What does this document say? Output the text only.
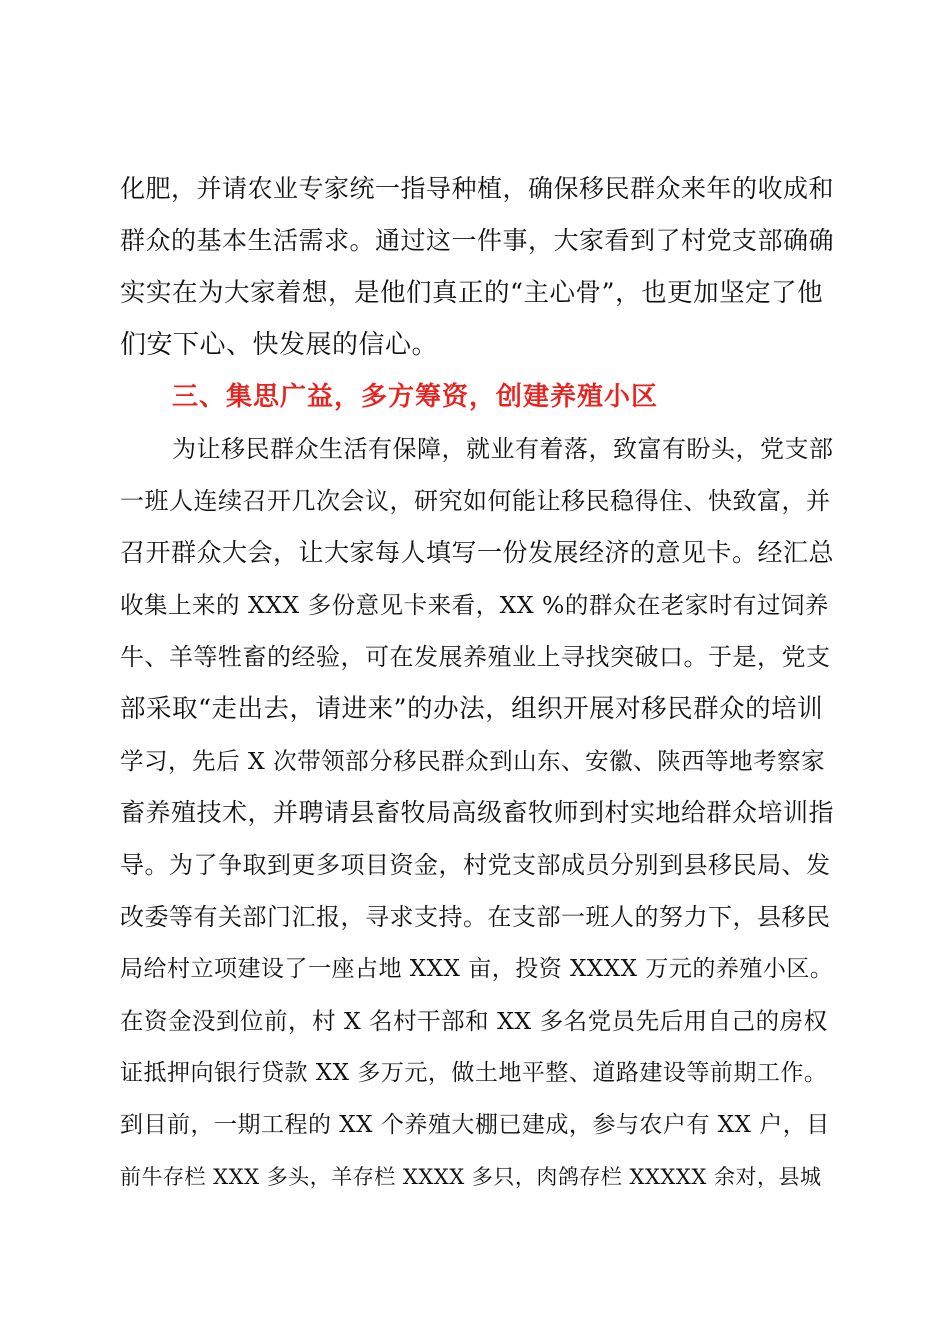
化肥，并请农业专家统一指导种植，确保移民群众来年的收成和
群众的基本生活需求。通过这一件事，大家看到了村党支部确确
实实在为大家着想，是他们真正的“主心骨”，也更加坚定了他
们安下心、快发展的信心。
三、集思广益，多方筹资，创建养殖小区
为让移民群众生活有保障，就业有着落，致富有盼头，党支部
一班人连续召开几次会议，研究如何能让移民稳得住、快致富，并
召开群众大会，让大家每人填写一份发展经济的意见卡。经汇总
收集上来的 XXX 多份意见卡来看，XX %的群众在老家时有过饲养
牛、羊等牲畜的经验，可在发展养殖业上寻找突破口。于是，党支
部采取“走出去，请进来”的办法，组织开展对移民群众的培训
学习，先后 X 次带领部分移民群众到山东、安徽、陕西等地考察家
畜养殖技术，并聘请县畜牧局高级畜牧师到村实地给群众培训指
导。为了争取到更多项目资金，村党支部成员分别到县移民局、发
改委等有关部门汇报，寻求支持。在支部一班人的努力下，县移民
局给村立项建设了一座占地 XXX 亩，投资 XXXX 万元的养殖小区。
在资金没到位前，村 X 名村干部和 XX 多名党员先后用自己的房权
证抵押向银行贷款 XX 多万元，做土地平整、道路建设等前期工作。
到目前，一期工程的 XX 个养殖大棚已建成，参与农户有 XX 户，目
前牛存栏 XXX 多头，羊存栏 XXXX 多只，肉鸽存栏 XXXXX 余对，县城
